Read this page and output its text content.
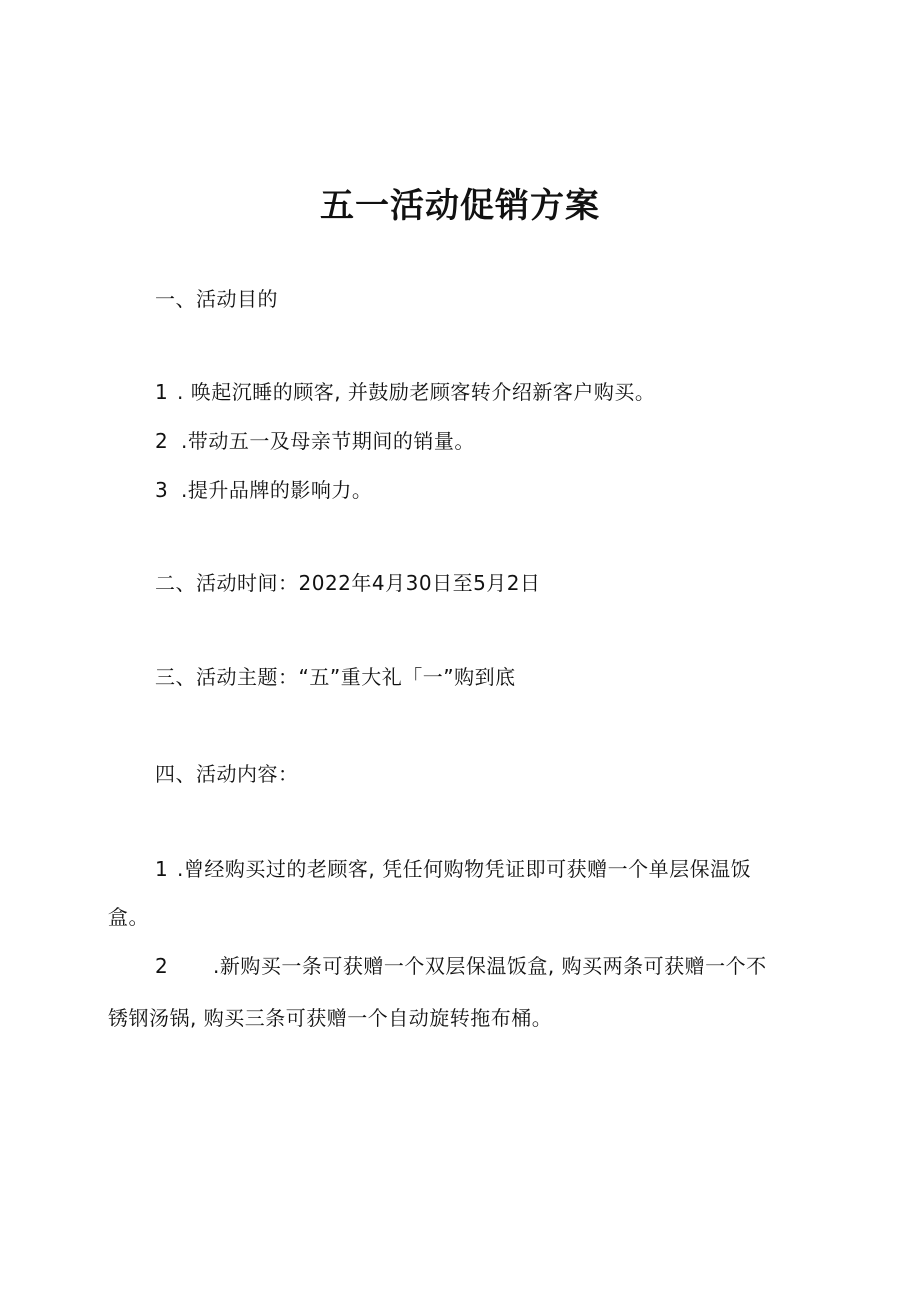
五一活动促销方案
一、活动目的
1 . 唤起沉睡的顾客, 并鼓励老顾客转介绍新客户购买。
2 .带动五一及母亲节期间的销量。
3 .提升品牌的影响力。
二、活动时间：2022年4月30日至5月2日
三、活动主题：“五”重大礼「一”购到底
四、活动内容：
1 .曾经购买过的老顾客, 凭任何购物凭证即可获赠一个单层保温饭
盒。
2 .新购买一条可获赠一个双层保温饭盒, 购买两条可获赠一个不
锈钢汤锅, 购买三条可获赠一个自动旋转拖布桶。
